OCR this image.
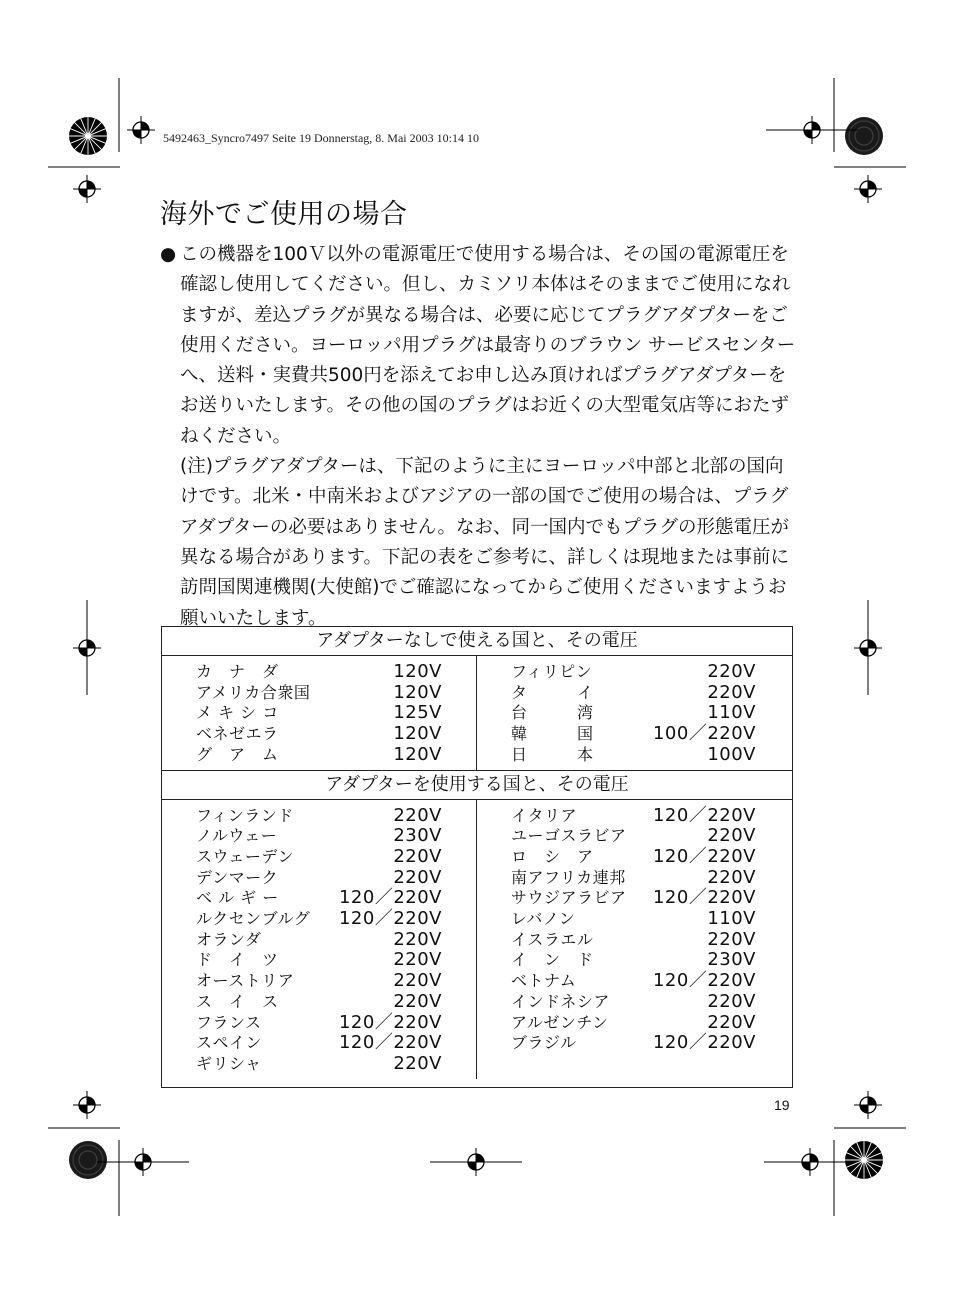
5492463_Syncro7497 Seite 19 Donnerstag, 8. Mai 2003 10:14 10
海外でご使用の場合

● この機器を100Ｖ以外の電源電圧で使用する場合は、その国の電源電圧を確認し使用してください。但し、カミソリ本体はそのままでご使用になれますが、差込プラグが異なる場合は、必要に応じてプラグアダプターをご使用ください。ヨーロッパ用プラグは最寄りのブラウン サービスセンターへ、送料・実費共500円を添えてお申し込み頂ければプラグアダプターをお送りいたします。その他の国のプラグはお近くの大型電気店等におたずねください。

(注)プラグアダプターは、下記のように主にヨーロッパ中部と北部の国向けです。北米・中南米およびアジアの一部の国でご使用の場合は、プラグアダプターの必要はありません。なお、同一国内でもプラグの形態電圧が異なる場合があります。下記の表をご参考に、詳しくは現地または事前に訪問国関連機関(大使館)でご確認になってからご使用くださいますようお願いいたします。

アダプターなしで使える国と、その電圧
カ　ナ　ダ	120V
アメリカ合衆国	120V
メ キ シ コ	125V
ベネゼエラ	120V
グ　ア　ム	120V
フィリピン	220V
タ　　　イ	220V
台　　　湾	110V
韓　　　国	100／220V
日　　　本	100V
アダプターを使用する国と、その電圧
フィンランド	220V
ノルウェー	230V
スウェーデン	220V
デンマーク	220V
ベ ル ギ ー	120／220V
ルクセンブルグ 120／220V
オランダ	220V
ド　イ　ツ	220V
オーストリア	220V
ス　イ　ス	220V
フランス	120／220V
スペイン	120／220V
ギリシャ	220V
イタリア	120／220V
ユーゴスラビア	220V
ロ　シ　ア	120／220V
南アフリカ連邦	220V
サウジアラビア 120／220V
レバノン	110V
イスラエル	220V
イ　ン　ド	230V
ベトナム	120／220V
インドネシア	220V
アルゼンチン	220V
ブラジル	120／220V
19
